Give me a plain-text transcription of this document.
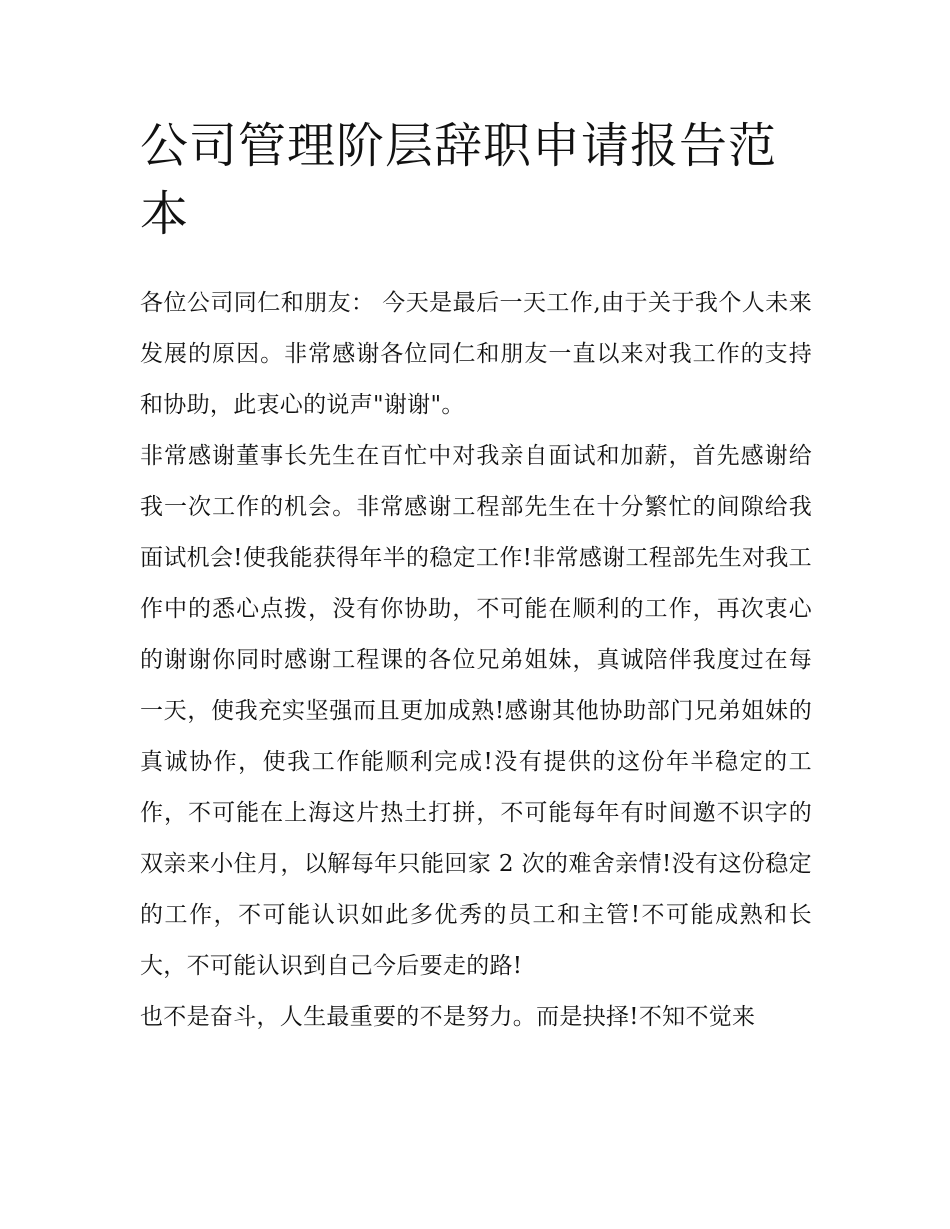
公司管理阶层辞职申请报告范本

各位公司同仁和朋友： 今天是最后一天工作,由于关于我个人未来发展的原因。非常感谢各位同仁和朋友一直以来对我工作的支持和协助，此衷心的说声"谢谢"。

非常感谢董事长先生在百忙中对我亲自面试和加薪，首先感谢给我一次工作的机会。非常感谢工程部先生在十分繁忙的间隙给我面试机会!使我能获得年半的稳定工作!非常感谢工程部先生对我工作中的悉心点拨，没有你协助，不可能在顺利的工作，再次衷心的谢谢你同时感谢工程课的各位兄弟姐妹，真诚陪伴我度过在每一天，使我充实坚强而且更加成熟!感谢其他协助部门兄弟姐妹的真诚协作，使我工作能顺利完成!没有提供的这份年半稳定的工作，不可能在上海这片热土打拼，不可能每年有时间邀不识字的双亲来小住月，以解每年只能回家 2 次的难舍亲情!没有这份稳定的工作，不可能认识如此多优秀的员工和主管!不可能成熟和长大，不可能认识到自己今后要走的路!

也不是奋斗，人生最重要的不是努力。而是抉择!不知不觉来
